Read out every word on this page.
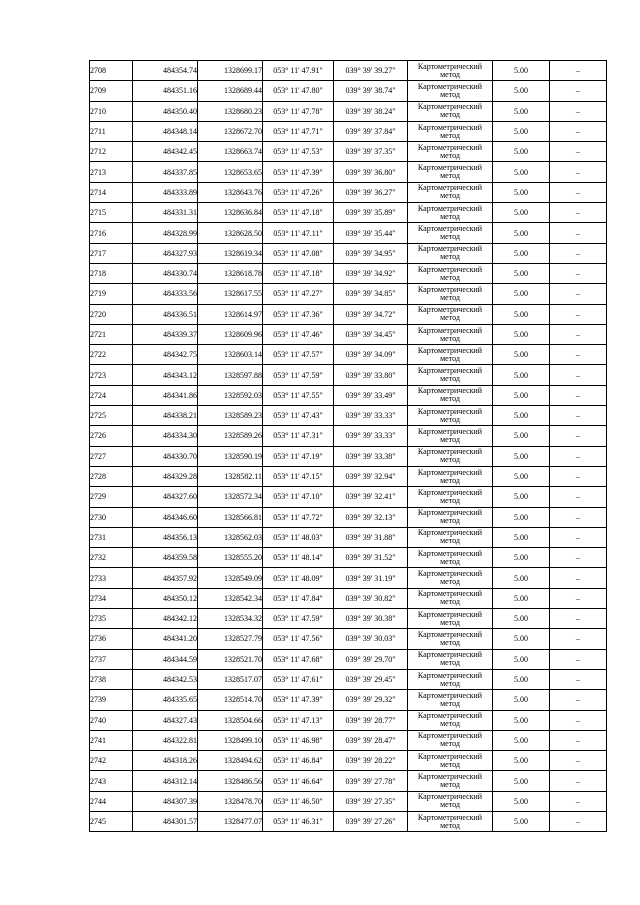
2708	484354.74	1328699.17	053° 11' 47.91"	039° 39' 39.27"	Картометрический метод	5.00	–
2709	484351.16	1328689.44	053° 11' 47.80"	039° 39' 38.74"	Картометрический метод	5.00	–
2710	484350.40	1328680.23	053° 11' 47.78"	039° 39' 38.24"	Картометрический метод	5.00	–
2711	484348.14	1328672.70	053° 11' 47.71"	039° 39' 37.84"	Картометрический метод	5.00	–
2712	484342.45	1328663.74	053° 11' 47.53"	039° 39' 37.35"	Картометрический метод	5.00	–
2713	484337.85	1328653.65	053° 11' 47.39"	039° 39' 36.80"	Картометрический метод	5.00	–
2714	484333.89	1328643.76	053° 11' 47.26"	039° 39' 36.27"	Картометрический метод	5.00	–
2715	484331.31	1328636.84	053° 11' 47.18"	039° 39' 35.89"	Картометрический метод	5.00	–
2716	484328.99	1328628.50	053° 11' 47.11"	039° 39' 35.44"	Картометрический метод	5.00	–
2717	484327.93	1328619.34	053° 11' 47.08"	039° 39' 34.95"	Картометрический метод	5.00	–
2718	484330.74	1328618.78	053° 11' 47.18"	039° 39' 34.92"	Картометрический метод	5.00	–
2719	484333.56	1328617.55	053° 11' 47.27"	039° 39' 34.85"	Картометрический метод	5.00	–
2720	484336.51	1328614.97	053° 11' 47.36"	039° 39' 34.72"	Картометрический метод	5.00	–
2721	484339.37	1328609.96	053° 11' 47.46"	039° 39' 34.45"	Картометрический метод	5.00	–
2722	484342.75	1328603.14	053° 11' 47.57"	039° 39' 34.09"	Картометрический метод	5.00	–
2723	484343.12	1328597.88	053° 11' 47.59"	039° 39' 33.80"	Картометрический метод	5.00	–
2724	484341.86	1328592.03	053° 11' 47.55"	039° 39' 33.49"	Картометрический метод	5.00	–
2725	484338.21	1328589.23	053° 11' 47.43"	039° 39' 33.33"	Картометрический метод	5.00	–
2726	484334.30	1328589.26	053° 11' 47.31"	039° 39' 33.33"	Картометрический метод	5.00	–
2727	484330.70	1328590.19	053° 11' 47.19"	039° 39' 33.38"	Картометрический метод	5.00	–
2728	484329.28	1328582.11	053° 11' 47.15"	039° 39' 32.94"	Картометрический метод	5.00	–
2729	484327.60	1328572.34	053° 11' 47.10"	039° 39' 32.41"	Картометрический метод	5.00	–
2730	484346.60	1328566.81	053° 11' 47.72"	039° 39' 32.13"	Картометрический метод	5.00	–
2731	484356.13	1328562.03	053° 11' 48.03"	039° 39' 31.88"	Картометрический метод	5.00	–
2732	484359.58	1328555.20	053° 11' 48.14"	039° 39' 31.52"	Картометрический метод	5.00	–
2733	484357.92	1328549.09	053° 11' 48.09"	039° 39' 31.19"	Картометрический метод	5.00	–
2734	484350.12	1328542.34	053° 11' 47.84"	039° 39' 30.82"	Картометрический метод	5.00	–
2735	484342.12	1328534.32	053° 11' 47.59"	039° 39' 30.38"	Картометрический метод	5.00	–
2736	484341.20	1328527.79	053° 11' 47.56"	039° 39' 30.03"	Картометрический метод	5.00	–
2737	484344.59	1328521.70	053° 11' 47.68"	039° 39' 29.70"	Картометрический метод	5.00	–
2738	484342.53	1328517.07	053° 11' 47.61"	039° 39' 29.45"	Картометрический метод	5.00	–
2739	484335.65	1328514.70	053° 11' 47.39"	039° 39' 29.32"	Картометрический метод	5.00	–
2740	484327.43	1328504.66	053° 11' 47.13"	039° 39' 28.77"	Картометрический метод	5.00	–
2741	484322.81	1328499.10	053° 11' 46.98"	039° 39' 28.47"	Картометрический метод	5.00	–
2742	484318.26	1328494.62	053° 11' 46.84"	039° 39' 28.22"	Картометрический метод	5.00	–
2743	484312.14	1328486.56	053° 11' 46.64"	039° 39' 27.78"	Картометрический метод	5.00	–
2744	484307.39	1328478.70	053° 11' 46.50"	039° 39' 27.35"	Картометрический метод	5.00	–
2745	484301.57	1328477.07	053° 11' 46.31"	039° 39' 27.26"	Картометрический метод	5.00	–
